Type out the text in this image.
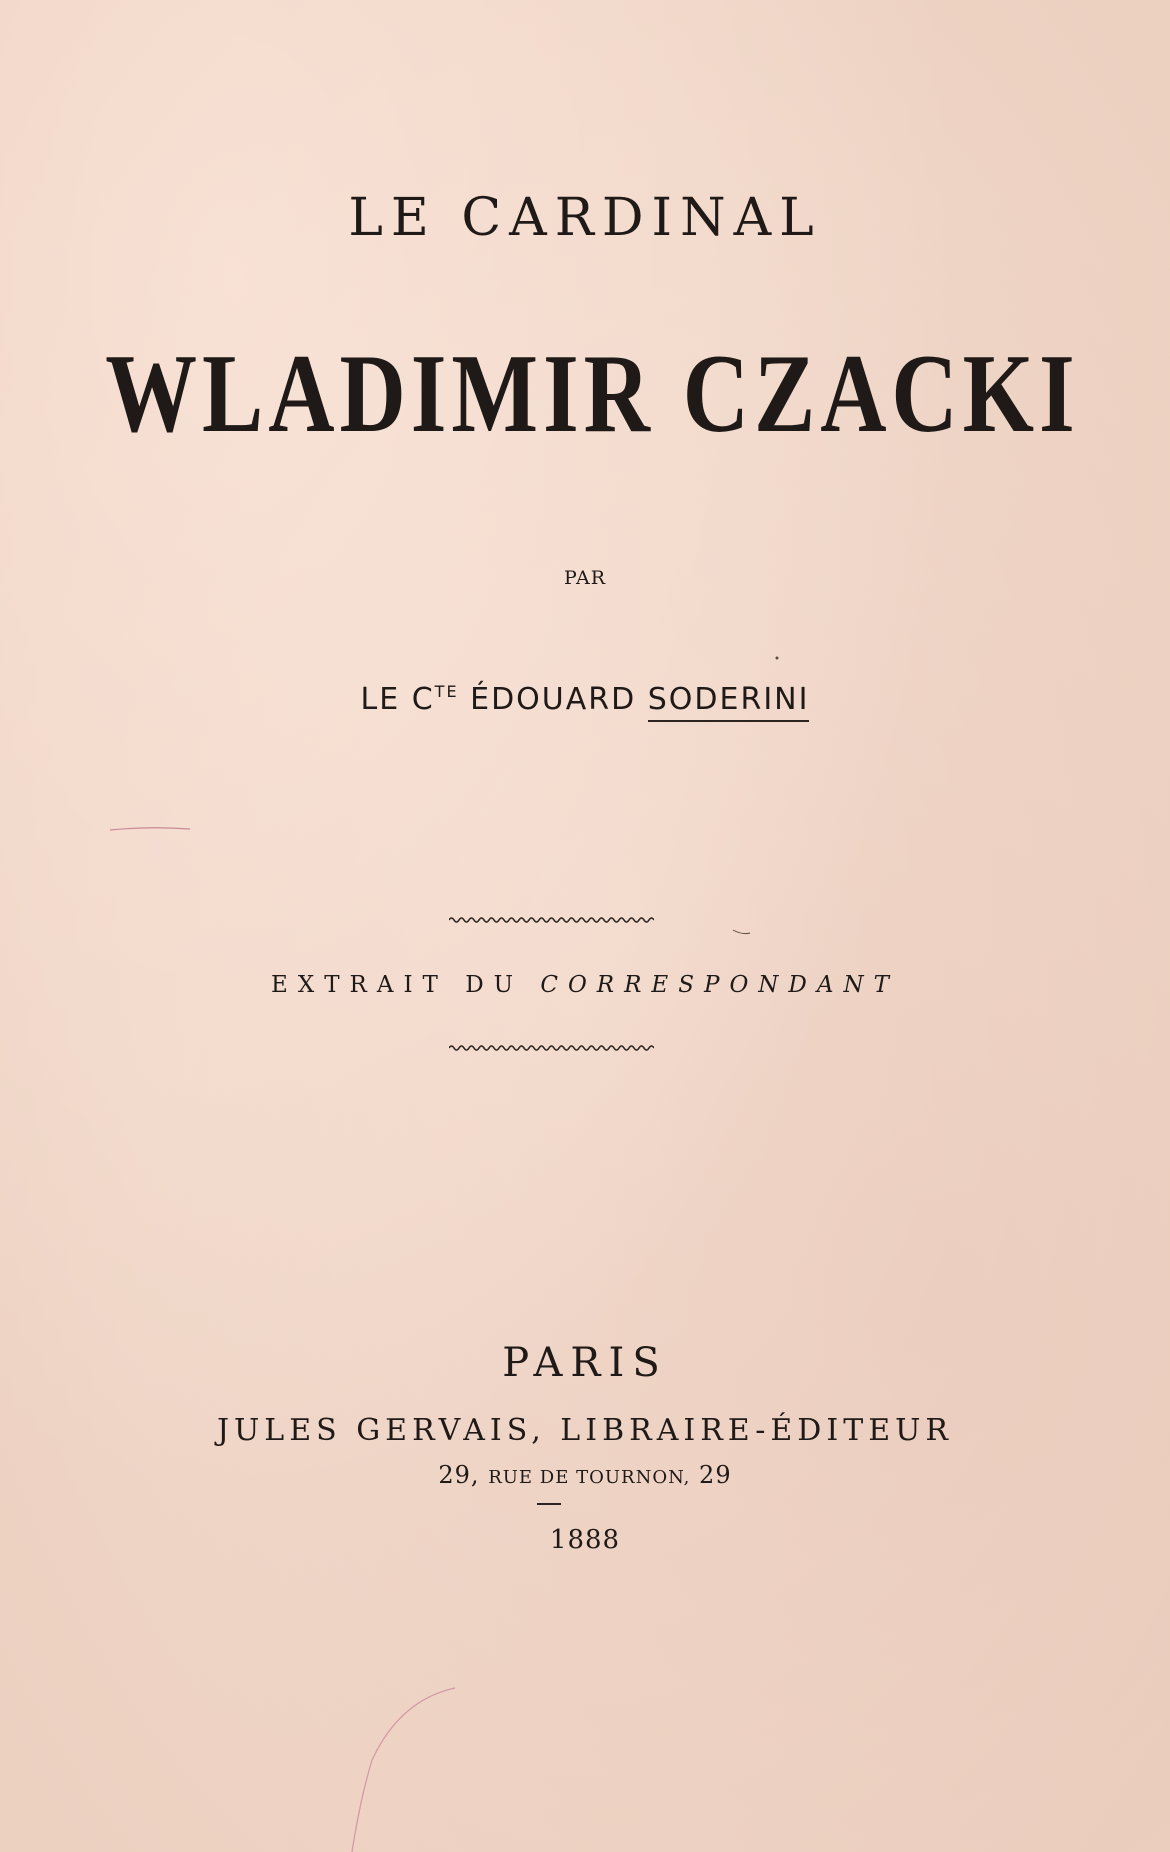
LE CARDINAL
WLADIMIR CZACKI
PAR
LE $C^{TE}$ ÉDOUARD SODERINI
EXTRAIT DU CORRESPONDANT
PARIS
JULES GERVAIS, LIBRAIRE-ÉDITEUR
29, RUE DE TOURNON, 29
1888
